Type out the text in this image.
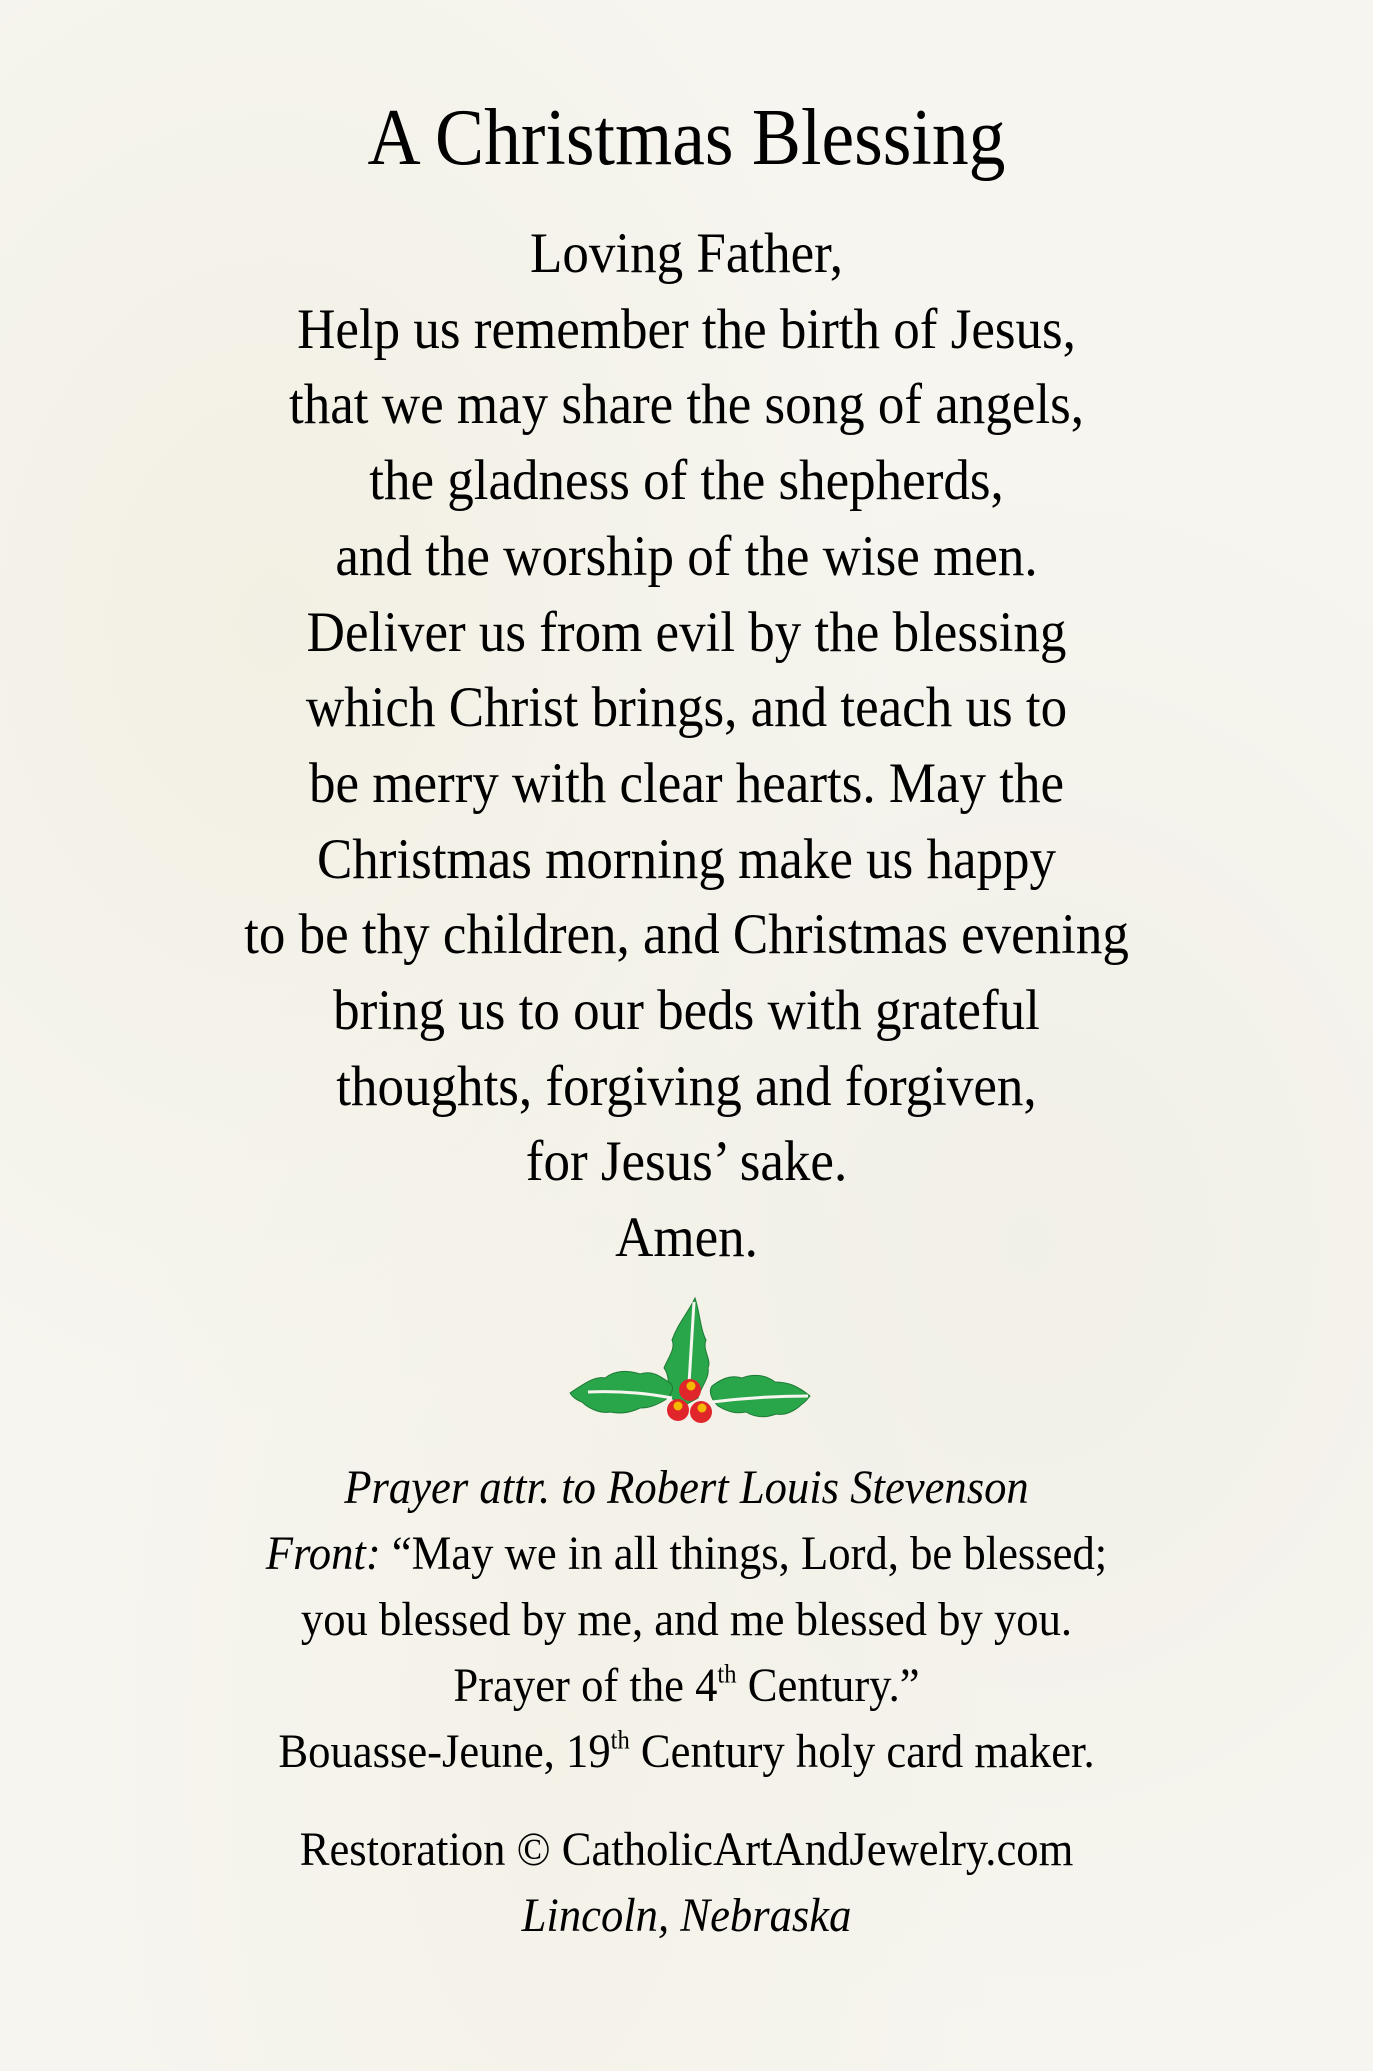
A Christmas Blessing
Loving Father,
Help us remember the birth of Jesus,
that we may share the song of angels,
the gladness of the shepherds,
and the worship of the wise men.
Deliver us from evil by the blessing
which Christ brings, and teach us to
be merry with clear hearts. May the
Christmas morning make us happy
to be thy children, and Christmas evening
bring us to our beds with grateful
thoughts, forgiving and forgiven,
for Jesus’ sake.
Amen.
Prayer attr. to Robert Louis Stevenson
Front: “May we in all things, Lord, be blessed;
you blessed by me, and me blessed by you.
Prayer of the 4th Century.”
Bouasse-Jeune, 19th Century holy card maker.
Restoration © CatholicArtAndJewelry.com
Lincoln, Nebraska
